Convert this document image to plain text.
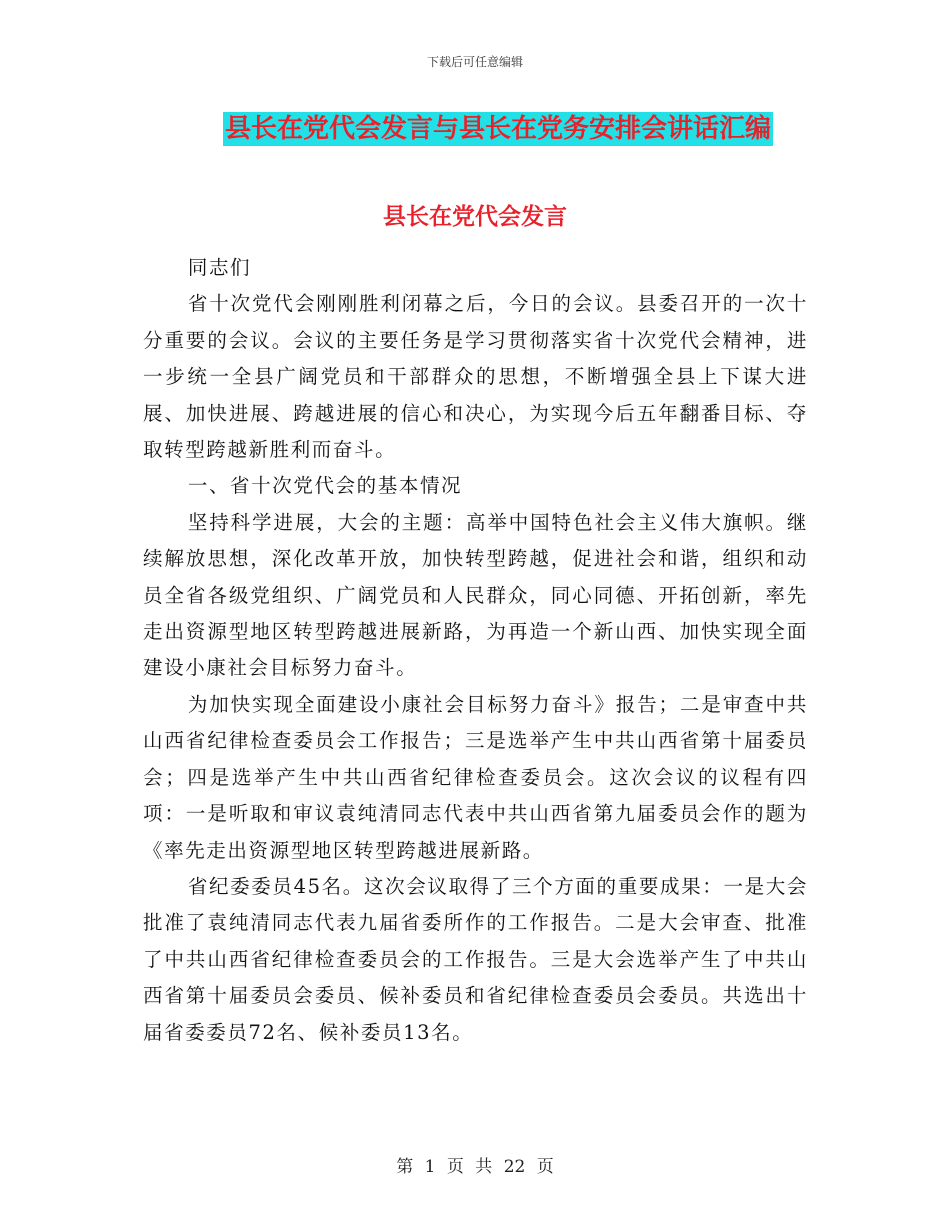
下载后可任意编辑
县长在党代会发言与县长在党务安排会讲话汇编
县长在党代会发言

同志们

省十次党代会刚刚胜利闭幕之后，今日的会议。县委召开的一次十分重要的会议。会议的主要任务是学习贯彻落实省十次党代会精神，进一步统一全县广阔党员和干部群众的思想，不断增强全县上下谋大进展、加快进展、跨越进展的信心和决心，为实现今后五年翻番目标、夺取转型跨越新胜利而奋斗。

一、省十次党代会的基本情况

坚持科学进展，大会的主题：高举中国特色社会主义伟大旗帜。继续解放思想，深化改革开放，加快转型跨越，促进社会和谐，组织和动员全省各级党组织、广阔党员和人民群众，同心同德、开拓创新，率先走出资源型地区转型跨越进展新路，为再造一个新山西、加快实现全面建设小康社会目标努力奋斗。

为加快实现全面建设小康社会目标努力奋斗》报告；二是审查中共山西省纪律检查委员会工作报告；三是选举产生中共山西省第十届委员会；四是选举产生中共山西省纪律检查委员会。这次会议的议程有四项：一是听取和审议袁纯清同志代表中共山西省第九届委员会作的题为《率先走出资源型地区转型跨越进展新路。

省纪委委员45名。这次会议取得了三个方面的重要成果：一是大会批准了袁纯清同志代表九届省委所作的工作报告。二是大会审查、批准了中共山西省纪律检查委员会的工作报告。三是大会选举产生了中共山西省第十届委员会委员、候补委员和省纪律检查委员会委员。共选出十届省委委员72名、候补委员13名。

第 1 页 共 22 页
